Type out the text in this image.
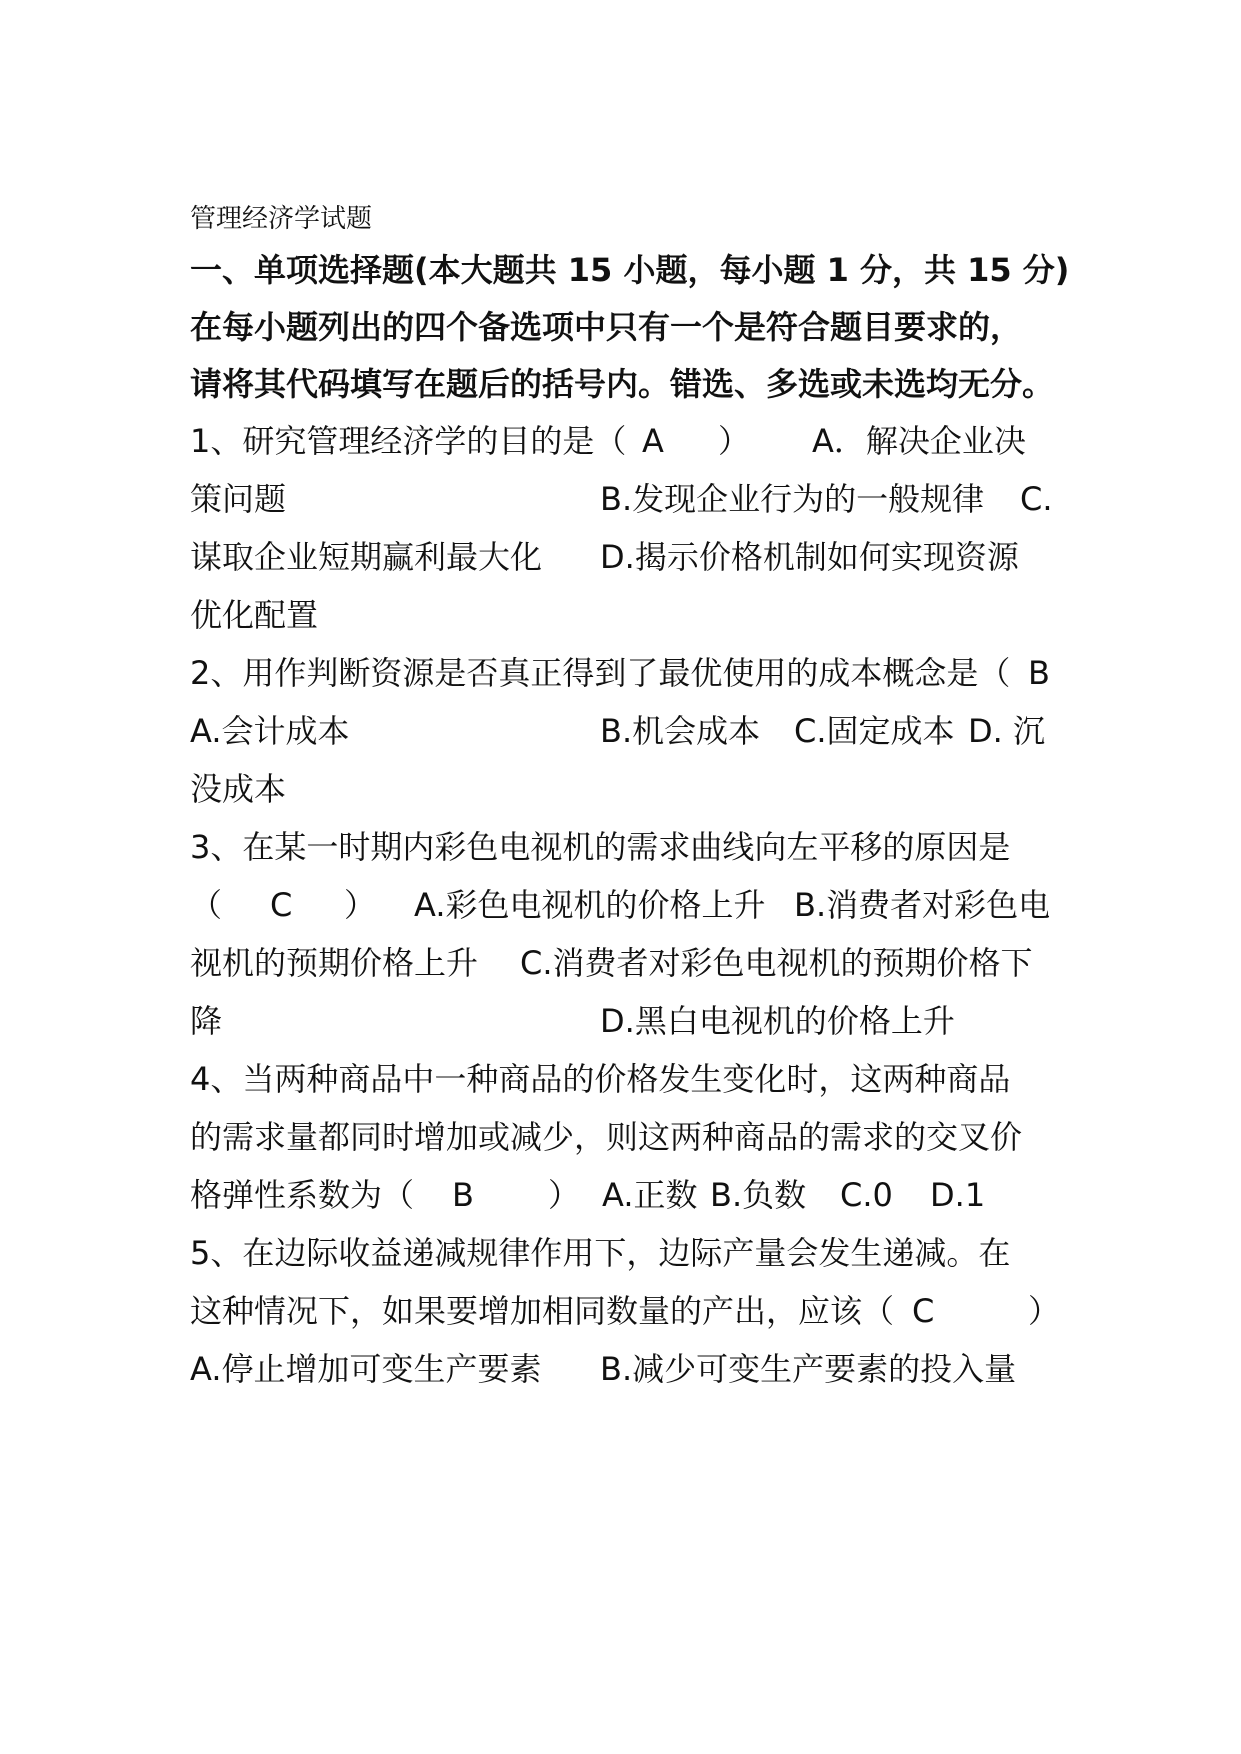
管理经济学试题
一、单项选择题(本大题共 15 小题，每小题 1 分，共 15 分)
在每小题列出的四个备选项中只有一个是符合题目要求的，
请将其代码填写在题后的括号内。错选、多选或未选均无分。

1、研究管理经济学的目的是（

A

）

A．解决企业决

策问题

	B.发现企业行为的一般规律

C.

谋取企业短期赢利最大化

D.揭示价格机制如何实现资源

优化配置

2、用作判断资源是否真正得到了最优使用的成本概念是（

B

A.会计成本

	B.机会成本

C.固定成本

D. 沉

没成本
3、在某一时期内彩色电视机的需求曲线向左平移的原因是

（

C

）

A.彩色电视机的价格上升

B.消费者对彩色电

视机的预期价格上升

C.消费者对彩色电视机的预期价格下

降

	D.黑白电视机的价格上升

4、当两种商品中一种商品的价格发生变化时，这两种商品
的需求量都同时增加或减少，则这两种商品的需求的交叉价

格弹性系数为（

B

）

A.正数

B.负数

C.0

D.1

5、在边际收益递减规律作用下，边际产量会发生递减。在

这种情况下，如果要增加相同数量的产出，应该（

C

	）

A.停止增加可变生产要素

B.减少可变生产要素的投入量
